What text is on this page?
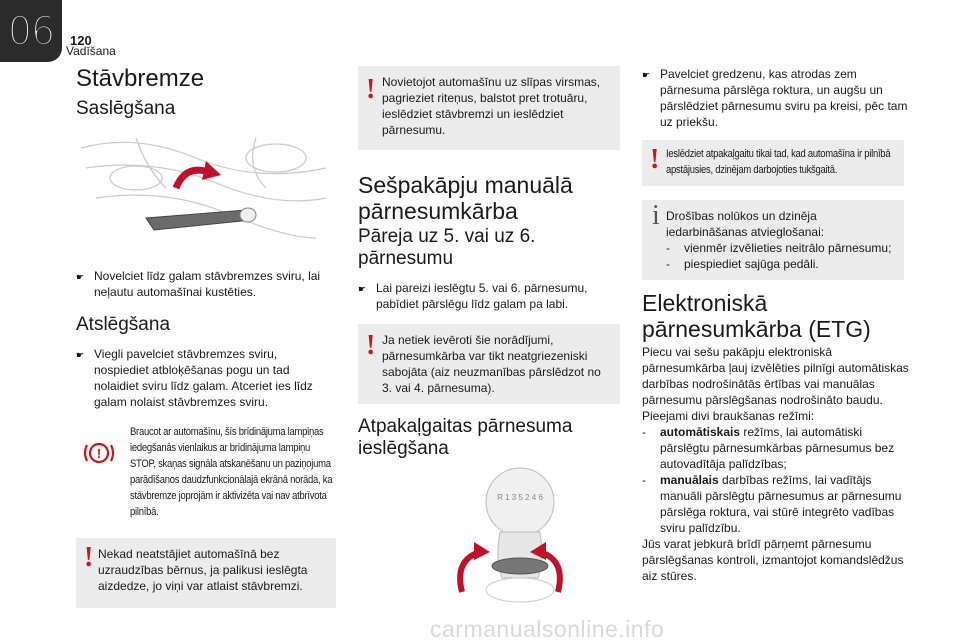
06 120
Vadīšana
Stāvbremze
Saslēgšana
☛ Novelciet līdz galam stāvbremzes sviru, lai neļautu automašīnai kustēties.
Atslēgšana
☛ Viegli pavelciet stāvbremzes sviru, nospiediet atbloķēšanas pogu un tad nolaidiet sviru līdz galam. Atceriet ies līdz galam nolaist stāvbremzes sviru.
!

Braucot ar automašīnu, šīs brīdinājuma lampiņas iedegšanās vienlaikus ar brīdinājuma lampiņu STOP, skaņas signāla atskanēšanu un paziņojuma parādīšanos daudzfunkcionālajā ekrānā norāda, ka stāvbremze joprojām ir aktivizēta vai nav atbrīvota pilnībā.

! Nekad neatstājiet automašīnā bez uzraudzības bērnus, ja palikusi ieslēgta aizdedze, jo viņi var atlaist stāvbremzi.

! Novietojot automašīnu uz slīpas virsmas, pagrieziet riteņus, balstot pret trotuāru, ieslēdziet stāvbremzi un ieslēdziet pārnesumu.

Sešpakāpju manuālā pārnesumkārba
Pāreja uz 5. vai uz 6. pārnesumu
☛ Lai pareizi ieslēgtu 5. vai 6. pārnesumu, pabīdiet pārslēgu līdz galam pa labi.
! Ja netiek ievēroti šie norādījumi, pārnesumkārba var tikt neatgriezeniski sabojāta (aiz neuzmanības pārslēdzot no 3. vai 4. pārnesuma).

Atpakaļgaitas pārnesuma ieslēgšana
R 1 3 5 2 4 6
☛ Pavelciet gredzenu, kas atrodas zem pārnesuma pārslēga roktura, un augšu un pārslēdziet pārnesumu sviru pa kreisi, pēc tam uz priekšu.
! Ieslēdziet atpakaļgaitu tikai tad, kad automašīna ir pilnībā apstājusies, dzinējam darbojoties tukšgaitā.

i Drošības nolūkos un dzinēja iedarbināšanas atvieglošanai:

-	vienmēr izvēlieties neitrālo pārnesumu;
-	piespiediet sajūga pedāli.
Elektroniskā pārnesumkārba (ETG)

Piecu vai sešu pakāpju elektroniskā pārnesumkārba ļauj izvēlēties pilnīgi automātiskas darbības nodrošinātās ērtības vai manuālas pārnesumu pārslēgšanas nodrošināto baudu.

Pieejami divi braukšanas režīmi:

-	automātiskais režīms, lai automātiski pārslēgtu pārnesumkārbas pārnesumus bez autovadītāja palīdzības;
-	manuālais darbības režīms, lai vadītājs manuāli pārslēgtu pārnesumus ar pārnesumu pārslēga roktura, vai stūrē integrēto vadības sviru palīdzību.

Jūs varat jebkurā brīdī pārņemt pārnesumu pārslēgšanas kontroli, izmantojot komandslēdžus aiz stūres.

carmanualsonline.info
